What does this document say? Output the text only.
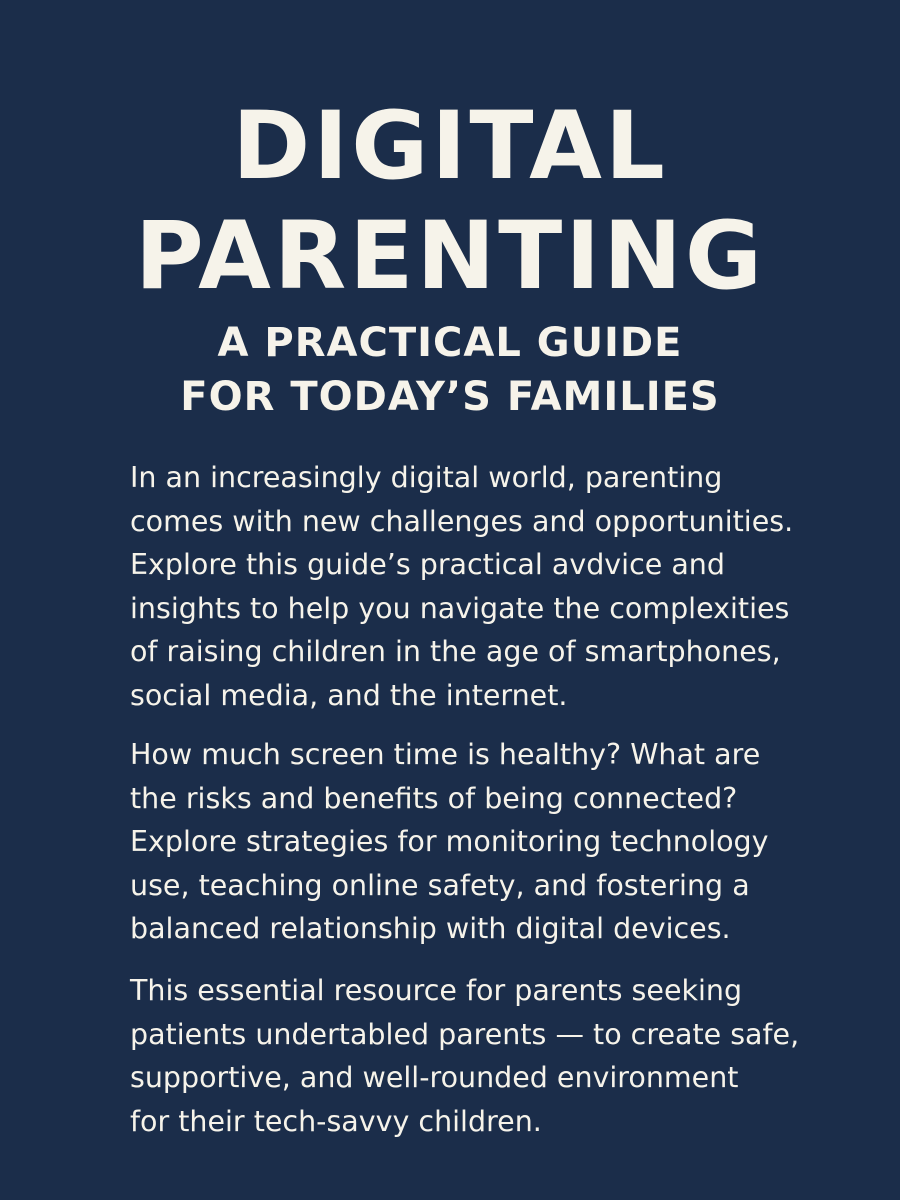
DIGITAL
PARENTING
A PRACTICAL GUIDE
FOR TODAY’S FAMILIES

In an increasingly digital world, parenting
comes with new challenges and opportunities.
Explore this guide’s practical avdvice and
insights to help you navigate the complexities
of raising children in the age of smartphones,
social media, and the internet.

How much screen time is healthy? What are
the risks and benefits of being connected?
Explore strategies for monitoring technology
use, teaching online safety, and fostering a
balanced relationship with digital devices.

This essential resource for parents seeking
patients undertabled parents — to create safe,
supportive, and well-rounded environment
for their tech-savvy children.
